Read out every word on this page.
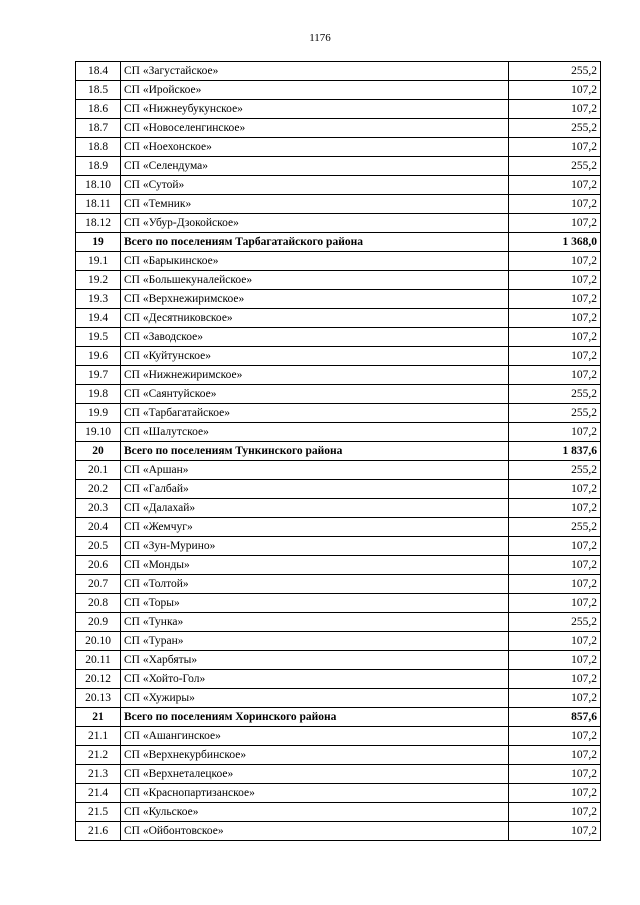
1176
18.4	СП «Загустайское»	255,2
18.5	СП «Иройское»	107,2
18.6	СП «Нижнеубукунское»	107,2
18.7	СП «Новоселенгинское»	255,2
18.8	СП «Ноехонское»	107,2
18.9	СП «Селендума»	255,2
18.10	СП «Сутой»	107,2
18.11	СП «Темник»	107,2
18.12	СП «Убур-Дзокойское»	107,2
19	Всего по поселениям Тарбагатайского района	1 368,0
19.1	СП «Барыкинское»	107,2
19.2	СП «Большекуналейское»	107,2
19.3	СП «Верхнежиримское»	107,2
19.4	СП «Десятниковское»	107,2
19.5	СП «Заводское»	107,2
19.6	СП «Куйтунское»	107,2
19.7	СП «Нижнежиримское»	107,2
19.8	СП «Саянтуйское»	255,2
19.9	СП «Тарбагатайское»	255,2
19.10	СП «Шалутское»	107,2
20	Всего по поселениям Тункинского района	1 837,6
20.1	СП «Аршан»	255,2
20.2	СП «Галбай»	107,2
20.3	СП «Далахай»	107,2
20.4	СП «Жемчуг»	255,2
20.5	СП «Зун-Мурино»	107,2
20.6	СП «Монды»	107,2
20.7	СП «Толтой»	107,2
20.8	СП «Торы»	107,2
20.9	СП «Тунка»	255,2
20.10	СП «Туран»	107,2
20.11	СП «Харбяты»	107,2
20.12	СП «Хойто-Гол»	107,2
20.13	СП «Хужиры»	107,2
21	Всего по поселениям Хоринского района	857,6
21.1	СП «Ашангинское»	107,2
21.2	СП «Верхнекурбинское»	107,2
21.3	СП «Верхнеталецкое»	107,2
21.4	СП «Краснопартизанское»	107,2
21.5	СП «Кульское»	107,2
21.6	СП «Ойбонтовское»	107,2
